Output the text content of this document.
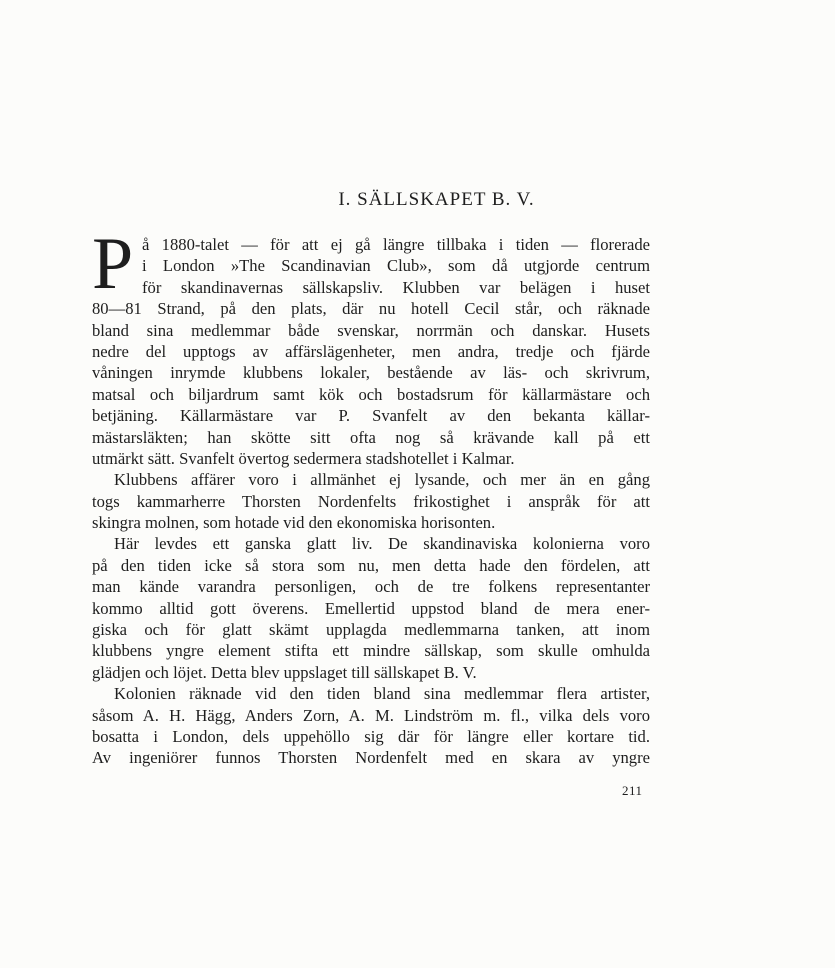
I. SÄLLSKAPET B. V.
P å 1880-talet — för att ej gå längre tillbaka i tiden — florerade
i London »The Scandinavian Club», som då utgjorde centrum
för skandinavernas sällskapsliv. Klubben var belägen i huset
80—81 Strand, på den plats, där nu hotell Cecil står, och räknade
bland sina medlemmar både svenskar, norrmän och danskar. Husets
nedre del upptogs av affärslägenheter, men andra, tredje och fjärde
våningen inrymde klubbens lokaler, bestående av läs- och skrivrum,
matsal och biljardrum samt kök och bostadsrum för källarmästare och
betjäning. Källarmästare var P. Svanfelt av den bekanta källar-
mästarsläkten; han skötte sitt ofta nog så krävande kall på ett
utmärkt sätt. Svanfelt övertog sedermera stadshotellet i Kalmar.
Klubbens affärer voro i allmänhet ej lysande, och mer än en gång
togs kammarherre Thorsten Nordenfelts frikostighet i anspråk för att
skingra molnen, som hotade vid den ekonomiska horisonten.
Här levdes ett ganska glatt liv. De skandinaviska kolonierna voro
på den tiden icke så stora som nu, men detta hade den fördelen, att
man kände varandra personligen, och de tre folkens representanter
kommo alltid gott överens. Emellertid uppstod bland de mera ener-
giska och för glatt skämt upplagda medlemmarna tanken, att inom
klubbens yngre element stifta ett mindre sällskap, som skulle omhulda
glädjen och löjet. Detta blev uppslaget till sällskapet B. V.
Kolonien räknade vid den tiden bland sina medlemmar flera artister,
såsom A. H. Hägg, Anders Zorn, A. M. Lindström m. fl., vilka dels voro
bosatta i London, dels uppehöllo sig där för längre eller kortare tid.
Av ingeniörer funnos Thorsten Nordenfelt med en skara av yngre
211
